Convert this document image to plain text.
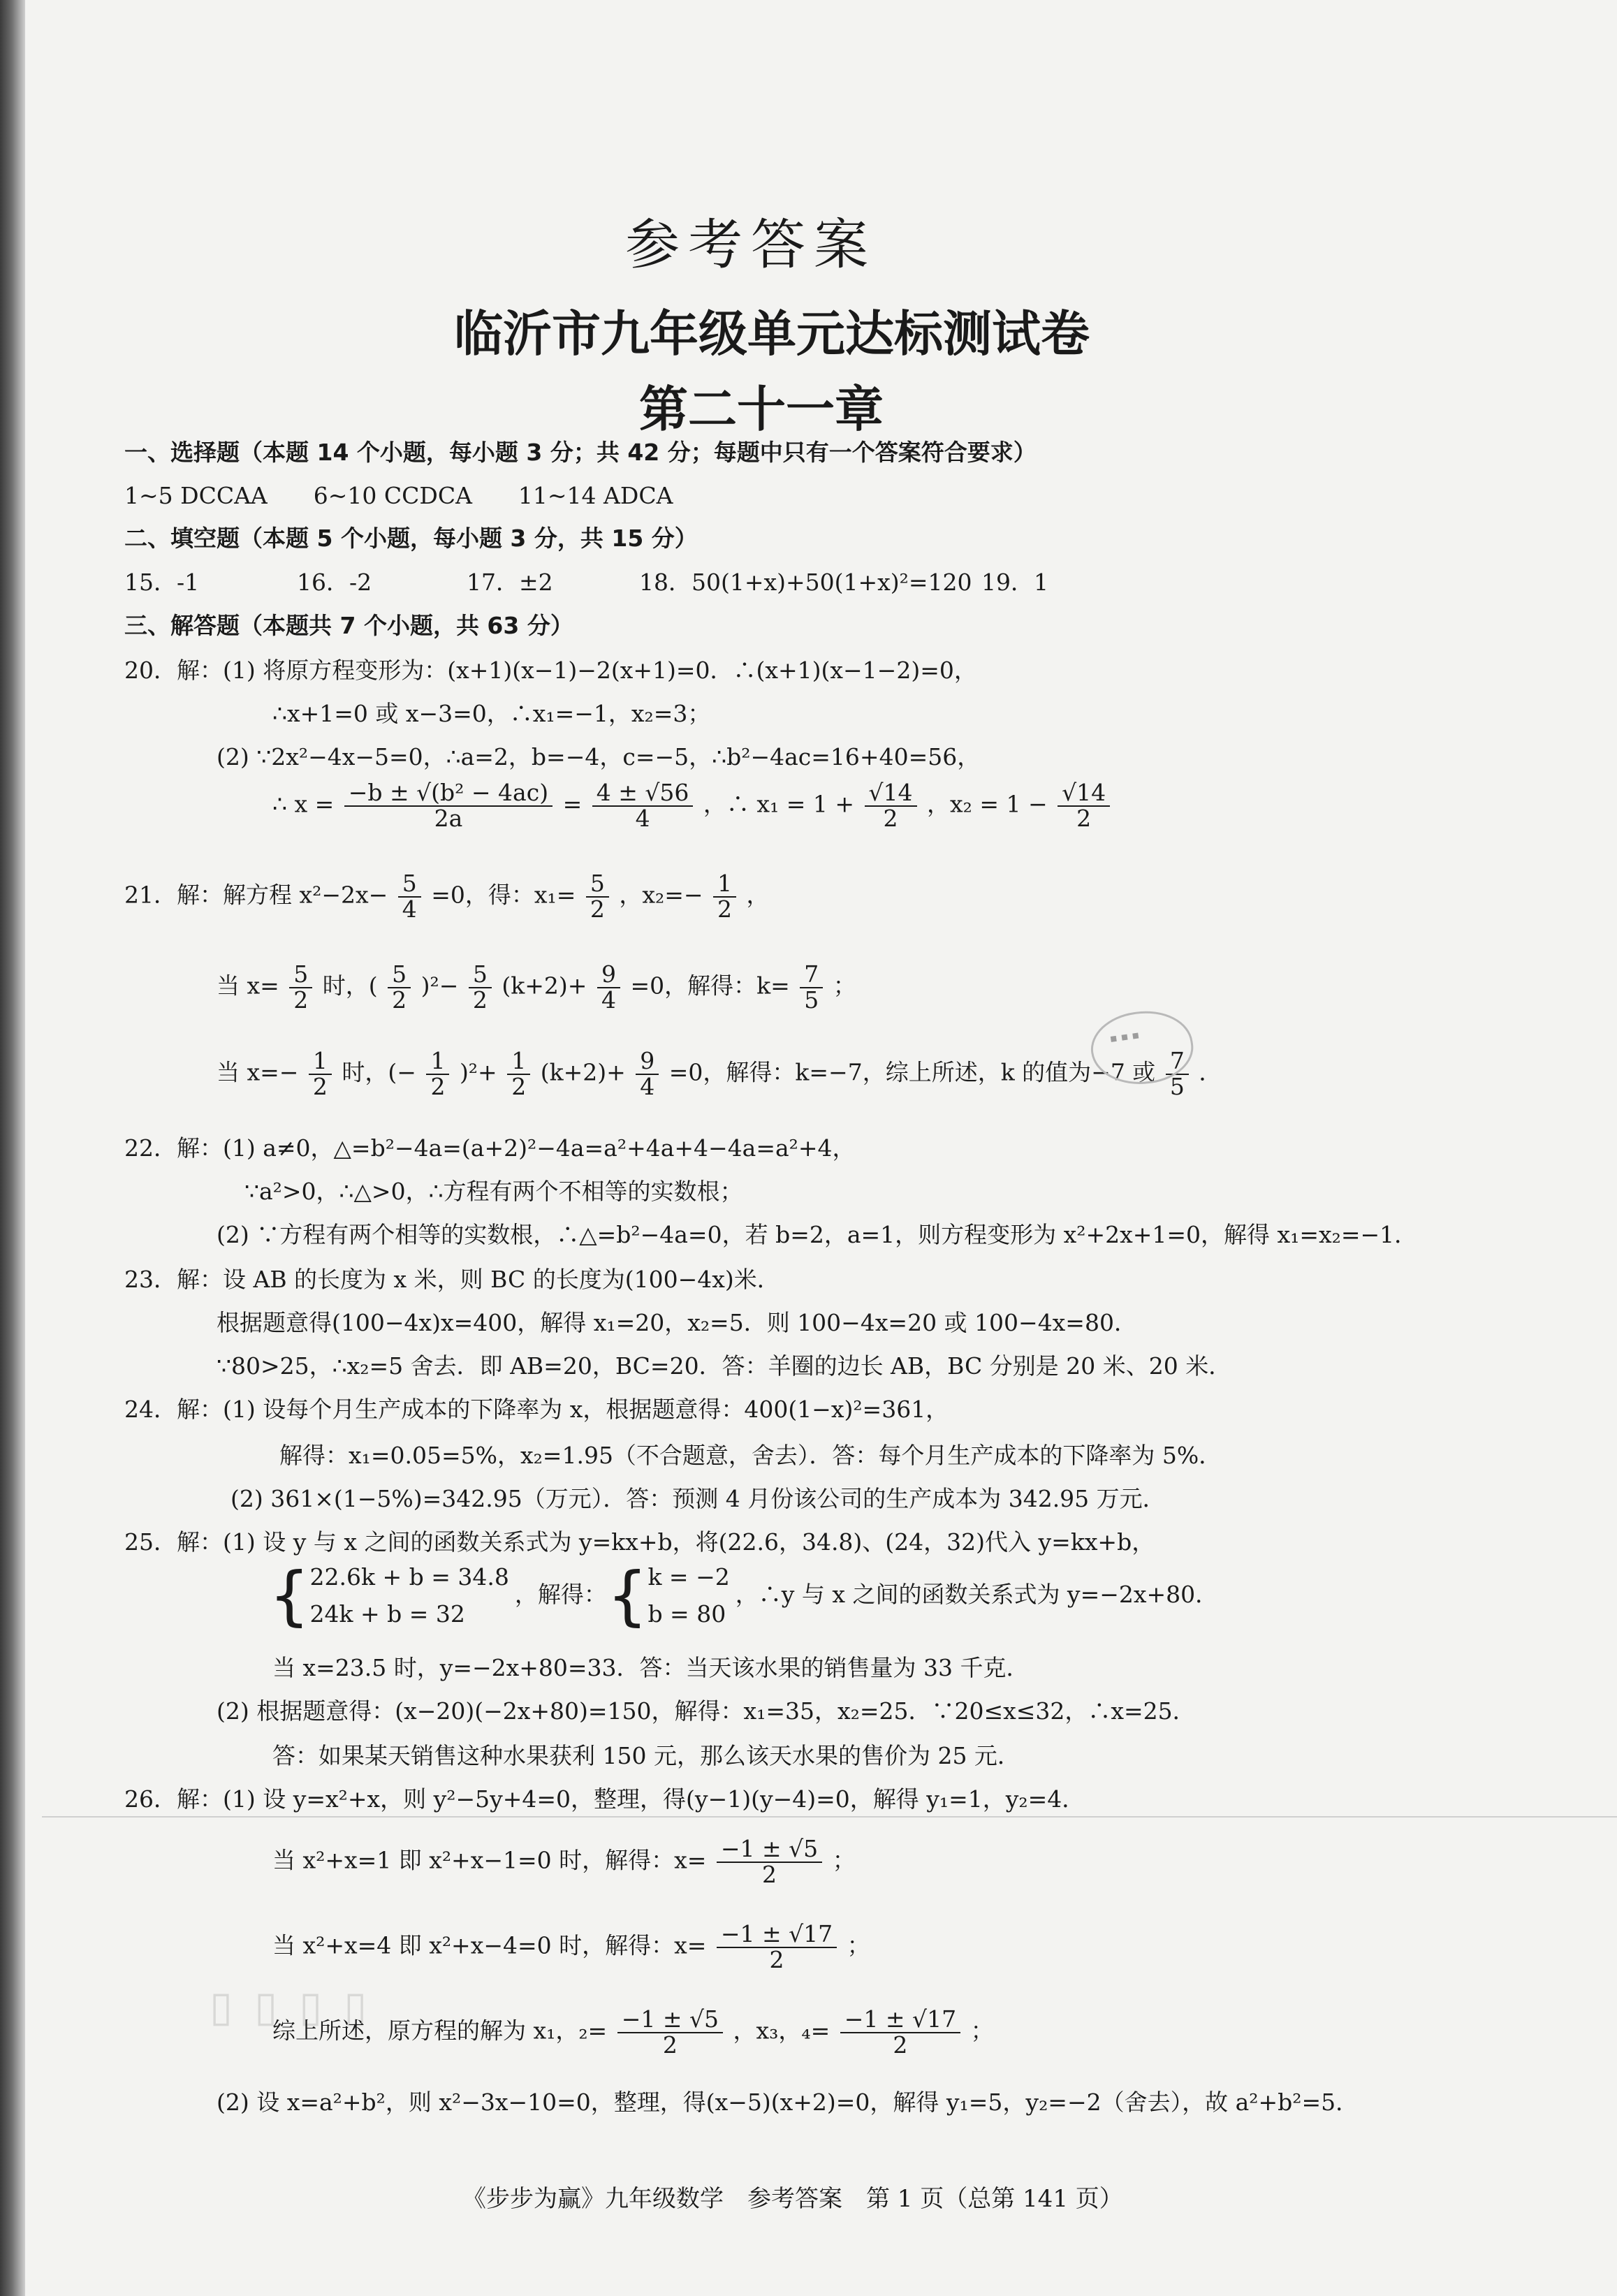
参考答案
临沂市九年级单元达标测试卷
第二十一章
一、选择题（本题 14 个小题，每小题 3 分；共 42 分；每题中只有一个答案符合要求）
1~5 DCCAA　　6~10 CCDCA　　11~14 ADCA
二、填空题（本题 5 个小题，每小题 3 分，共 15 分）
15．-1	16．-2	17．±2	18．50(1+x)+50(1+x)²=120 19．1
三、解答题（本题共 7 个小题，共 63 分）
20．解：(1) 将原方程变形为：(x+1)(x−1)−2(x+1)=0．∴(x+1)(x−1−2)=0，
∴x+1=0 或 x−3=0，∴x₁=−1，x₂=3；
(2) ∵2x²−4x−5=0，∴a=2，b=−4，c=−5，∴b²−4ac=16+40=56，
∴ $x = \frac{\text{−b ± √(b² − 4ac)}}{2a} = \frac{4 \pm √56}{4}$ ，∴ $x_1 = 1 + \frac{√14}{2}$ ，$x_2 = 1 - \frac{√14}{2}$
21．解：解方程 $x^2-2x- \frac{5}{4} =0$，得：$x_1= \frac{5}{2}$ ，$x_2=- \frac{1}{2}$ ，
当 $x= \frac{5}{2}$ 时，( $\frac{5}{2} )^2- \frac{5}{2} (k+2)+ \frac{9}{4} =0$，解得：$k= \frac{7}{5}$ ；
当 $x=- \frac{1}{2}$ 时，(− $\frac{1}{2} )^2+ \frac{1}{2} (k+2)+ \frac{9}{4} =0$，解得：k=−7，综上所述，k 的值为−7 或 $\frac{7}{5}$ ．
▪ ▪ ▪
22．解：(1) a≠0，△=b²−4a=(a+2)²−4a=a²+4a+4−4a=a²+4，
∵a²>0，∴△>0，∴方程有两个不相等的实数根；
(2) ∵方程有两个相等的实数根，∴△=b²−4a=0，若 b=2，a=1，则方程变形为 x²+2x+1=0，解得 x₁=x₂=−1．
23．解：设 AB 的长度为 x 米，则 BC 的长度为(100−4x)米．
根据题意得(100−4x)x=400，解得 x₁=20，x₂=5．则 100−4x=20 或 100−4x=80．
∵80>25，∴x₂=5 舍去．即 AB=20，BC=20．答：羊圈的边长 AB，BC 分别是 20 米、20 米．
24．解：(1) 设每个月生产成本的下降率为 x，根据题意得：400(1−x)²=361，
解得：x₁=0.05=5%，x₂=1.95（不合题意，舍去）．答：每个月生产成本的下降率为 5%．
(2) 361×(1−5%)=342.95（万元）．答：预测 4 月份该公司的生产成本为 342.95 万元．
25．解：(1) 设 y 与 x 之间的函数关系式为 y=kx+b，将(22.6，34.8)、(24，32)代入 y=kx+b，
{ 22.6k + b = 34.8
24k + b = 32
，解得：{ k = −2
b = 80
，∴y 与 x 之间的函数关系式为 y=−2x+80．
当 x=23.5 时，y=−2x+80=33．答：当天该水果的销售量为 33 千克．
(2) 根据题意得：(x−20)(−2x+80)=150，解得：x₁=35，x₂=25．∵20≤x≤32，∴x=25．
答：如果某天销售这种水果获利 150 元，那么该天水果的售价为 25 元．
26．解：(1) 设 y=x²+x，则 y²−5y+4=0，整理，得(y−1)(y−4)=0，解得 y₁=1，y₂=4．
当 x²+x=1 即 x²+x−1=0 时，解得：$x= \frac{-1 \pm √5}{2}$ ；
当 x²+x=4 即 x²+x−4=0 时，解得：$x= \frac{-1 \pm √17}{2}$ ；
▯ ▯ ▯ ▯
综上所述，原方程的解为 x₁，$_2= \frac{-1 \pm √5}{2}$ ，x₃，$_4= \frac{-1 \pm √17}{2}$ ；
(2) 设 x=a²+b²，则 x²−3x−10=0，整理，得(x−5)(x+2)=0，解得 y₁=5，y₂=−2（舍去），故 a²+b²=5．
《步步为赢》九年级数学　参考答案　第 1 页（总第 141 页）
